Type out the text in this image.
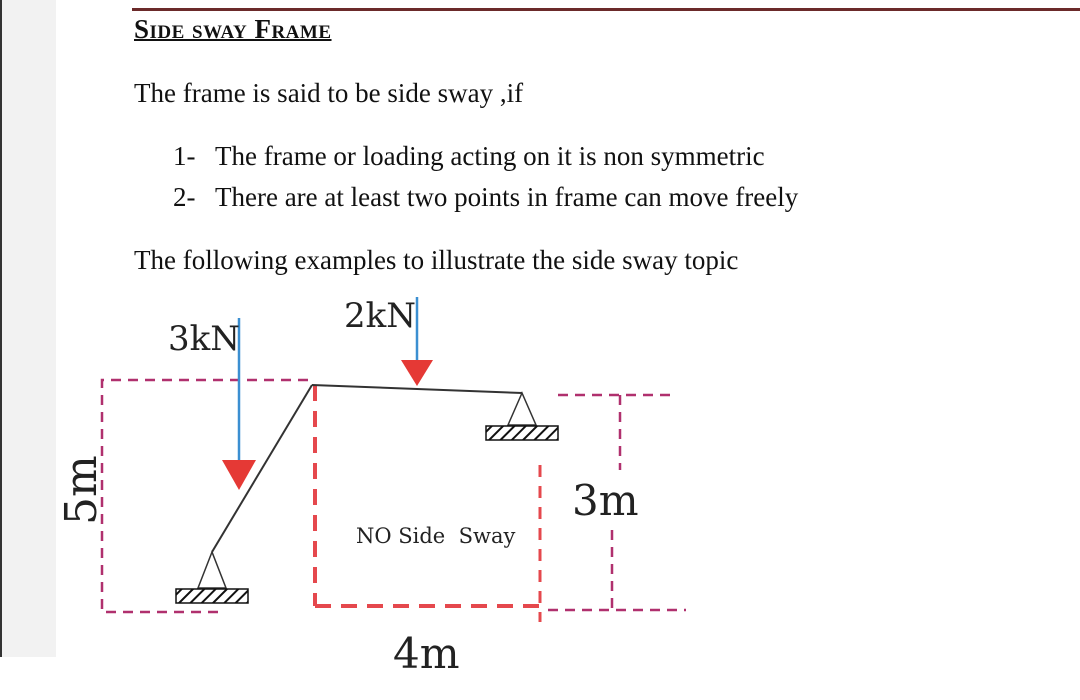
Side sway Frame
The frame is said to be side sway ,if
1- The frame or loading acting on it is non symmetric
2- There are at least two points in frame can move freely
The following examples to illustrate the side sway topic
3kN
2kN
5m	3m
4m
NO Side  Sway
